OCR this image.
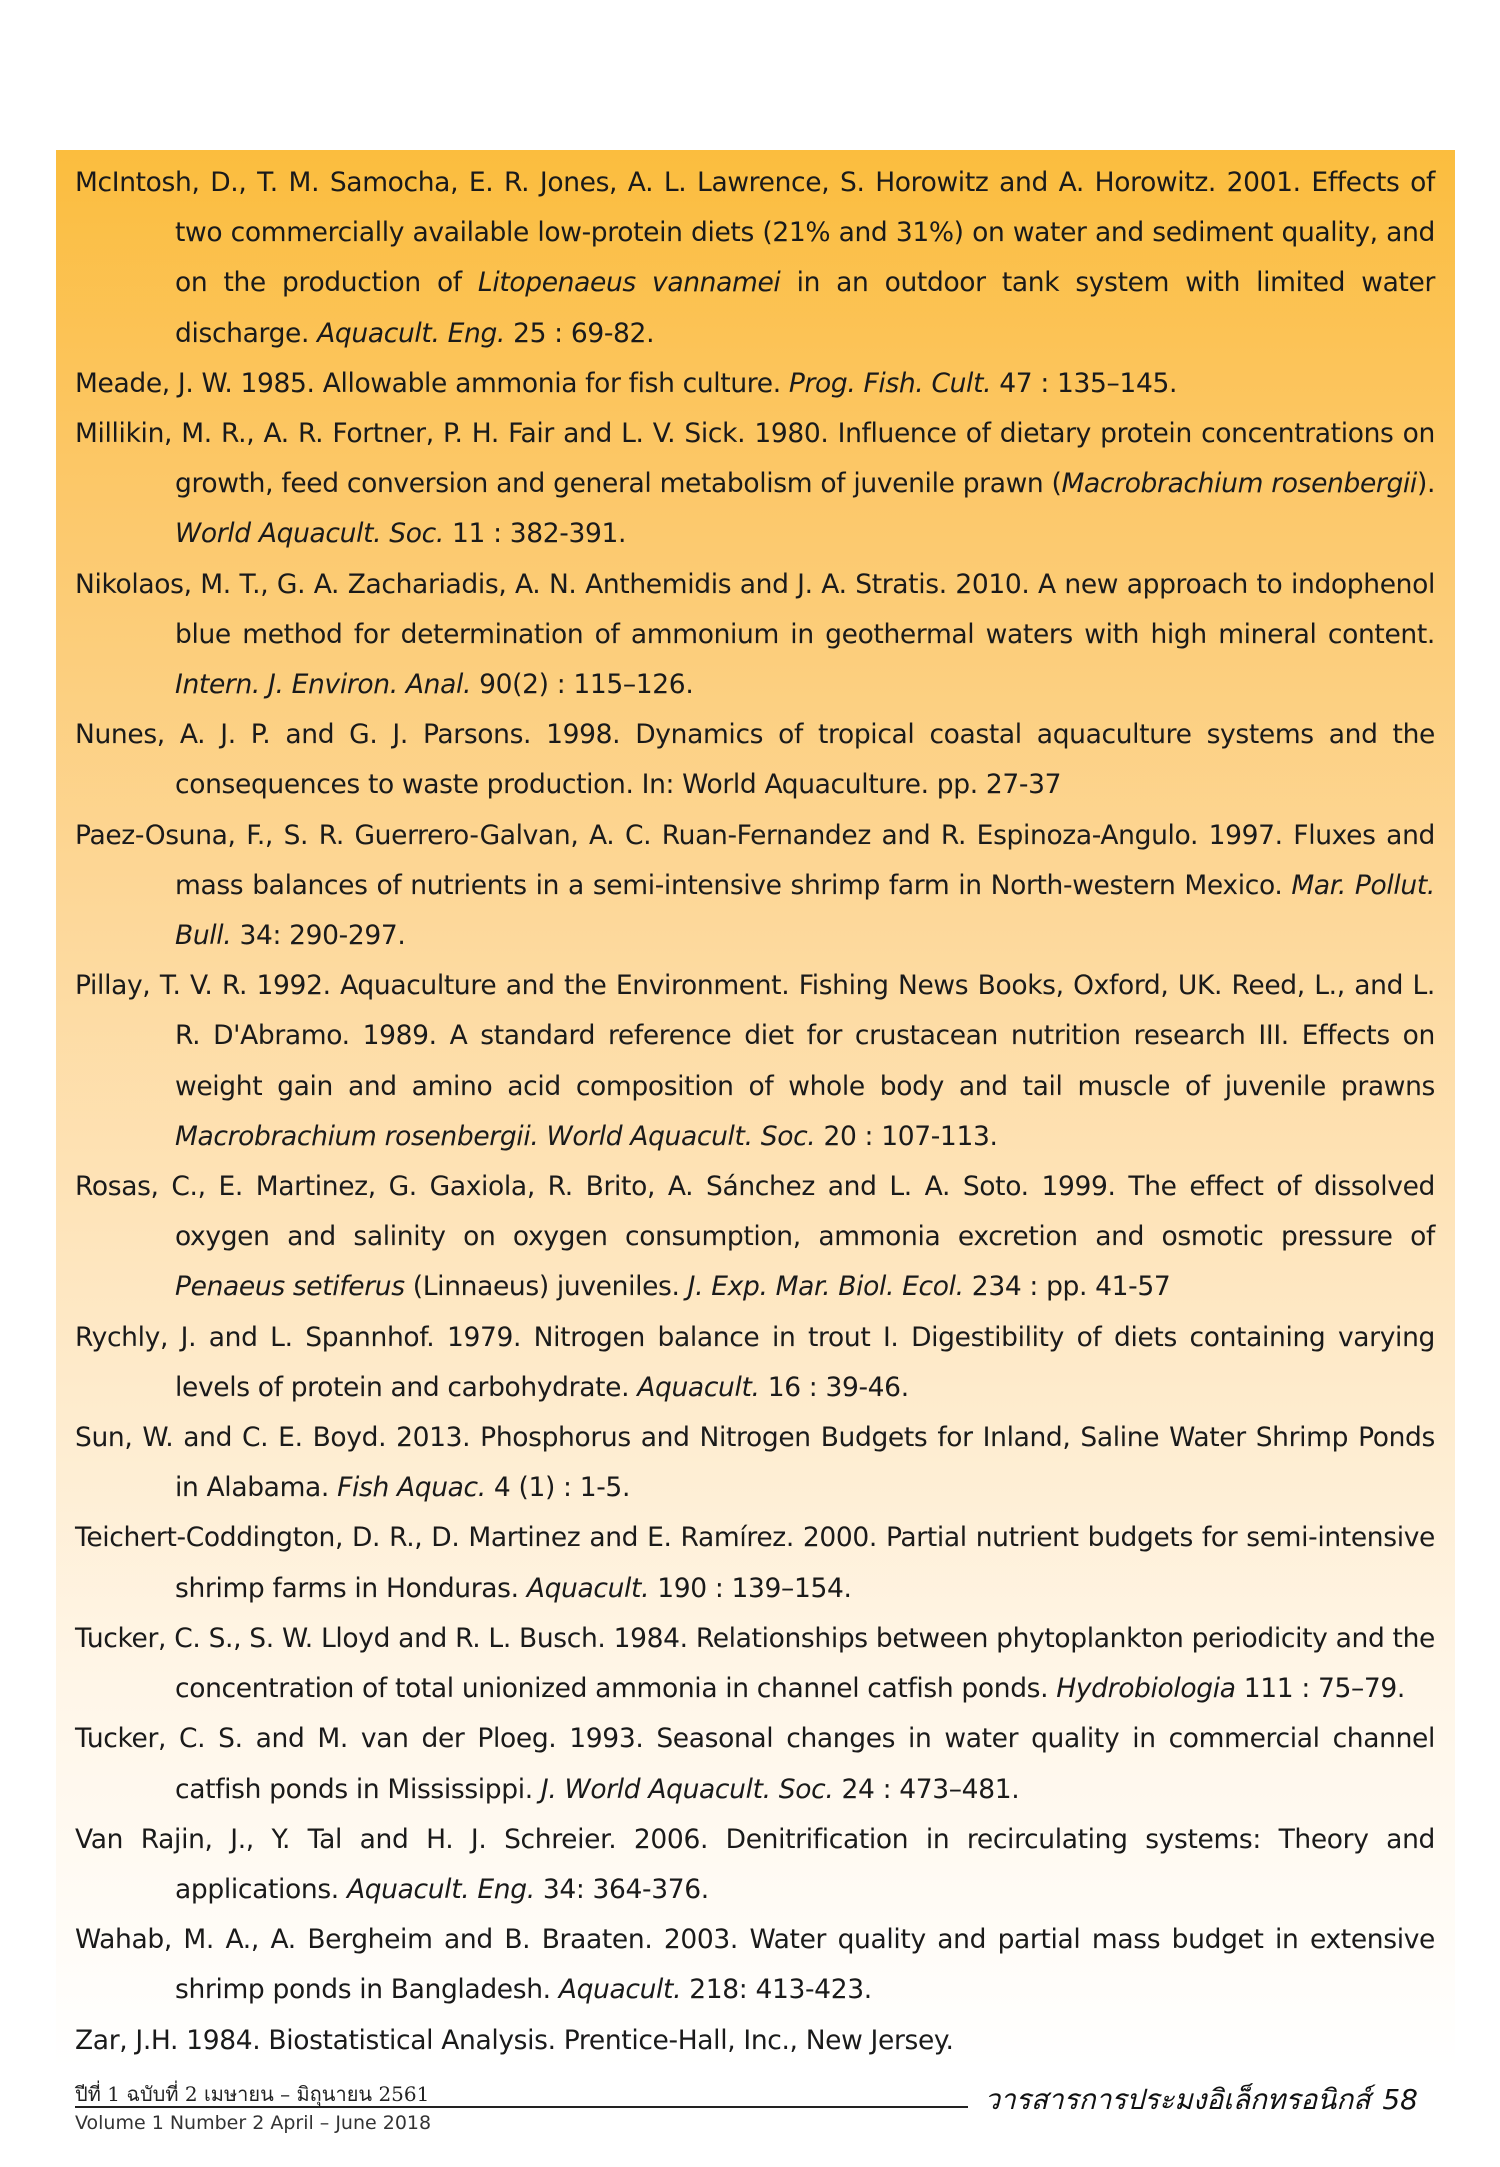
McIntosh, D., T. M. Samocha, E. R. Jones, A. L. Lawrence, S. Horowitz and A. Horowitz. 2001. Effects of two commercially available low-protein diets (21% and 31%) on water and sediment quality, and on the production of Litopenaeus vannamei in an outdoor tank system with limited water discharge. Aquacult. Eng. 25 : 69-82.
Meade, J. W. 1985. Allowable ammonia for fish culture. Prog. Fish. Cult. 47 : 135–145.
Millikin, M. R., A. R. Fortner, P. H. Fair and L. V. Sick. 1980. Influence of dietary protein concentrations on growth, feed conversion and general metabolism of juvenile prawn (Macrobrachium rosenbergii). World Aquacult. Soc. 11 : 382-391.
Nikolaos, M. T., G. A. Zachariadis, A. N. Anthemidis and J. A. Stratis. 2010. A new approach to indophenol blue method for determination of ammonium in geothermal waters with high mineral content. Intern. J. Environ. Anal. 90(2) : 115–126.
Nunes, A. J. P. and G. J. Parsons. 1998. Dynamics of tropical coastal aquaculture systems and the consequences to waste production. In: World Aquaculture. pp. 27-37
Paez-Osuna, F., S. R. Guerrero-Galvan, A. C. Ruan-Fernandez and R. Espinoza-Angulo. 1997. Fluxes and mass balances of nutrients in a semi-intensive shrimp farm in North-western Mexico. Mar. Pollut. Bull. 34: 290-297.
Pillay, T. V. R. 1992. Aquaculture and the Environment. Fishing News Books, Oxford, UK. Reed, L., and L. R. D'Abramo. 1989. A standard reference diet for crustacean nutrition research III. Effects on weight gain and amino acid composition of whole body and tail muscle of juvenile prawns Macrobrachium rosenbergii. World Aquacult. Soc. 20 : 107-113.
Rosas, C., E. Martinez, G. Gaxiola, R. Brito, A. Sánchez and L. A. Soto. 1999. The effect of dissolved oxygen and salinity on oxygen consumption, ammonia excretion and osmotic pressure of Penaeus setiferus (Linnaeus) juveniles. J. Exp. Mar. Biol. Ecol. 234 : pp. 41-57
Rychly, J. and L. Spannhof. 1979. Nitrogen balance in trout I. Digestibility of diets containing varying levels of protein and carbohydrate. Aquacult. 16 : 39-46.
Sun, W. and C. E. Boyd. 2013. Phosphorus and Nitrogen Budgets for Inland, Saline Water Shrimp Ponds in Alabama. Fish Aquac. 4 (1) : 1-5.
Teichert-Coddington, D. R., D. Martinez and E. Ramírez. 2000. Partial nutrient budgets for semi-intensive shrimp farms in Honduras. Aquacult. 190 : 139–154.
Tucker, C. S., S. W. Lloyd and R. L. Busch. 1984. Relationships between phytoplankton periodicity and the concentration of total unionized ammonia in channel catfish ponds. Hydrobiologia 111 : 75–79.
Tucker, C. S. and M. van der Ploeg. 1993. Seasonal changes in water quality in commercial channel catfish ponds in Mississippi. J. World Aquacult. Soc. 24 : 473–481.
Van Rajin, J., Y. Tal and H. J. Schreier. 2006. Denitrification in recirculating systems: Theory and applications. Aquacult. Eng. 34: 364-376.
Wahab, M. A., A. Bergheim and B. Braaten. 2003. Water quality and partial mass budget in extensive shrimp ponds in Bangladesh. Aquacult. 218: 413-423.
Zar, J.H. 1984. Biostatistical Analysis. Prentice-Hall, Inc., New Jersey.
ปีที่ 1 ฉบับที่ 2 เมษายน – มิถุนายน 2561
Volume 1 Number 2 April – June 2018
วารสารการประมงอิเล็กทรอนิกส์ 58
